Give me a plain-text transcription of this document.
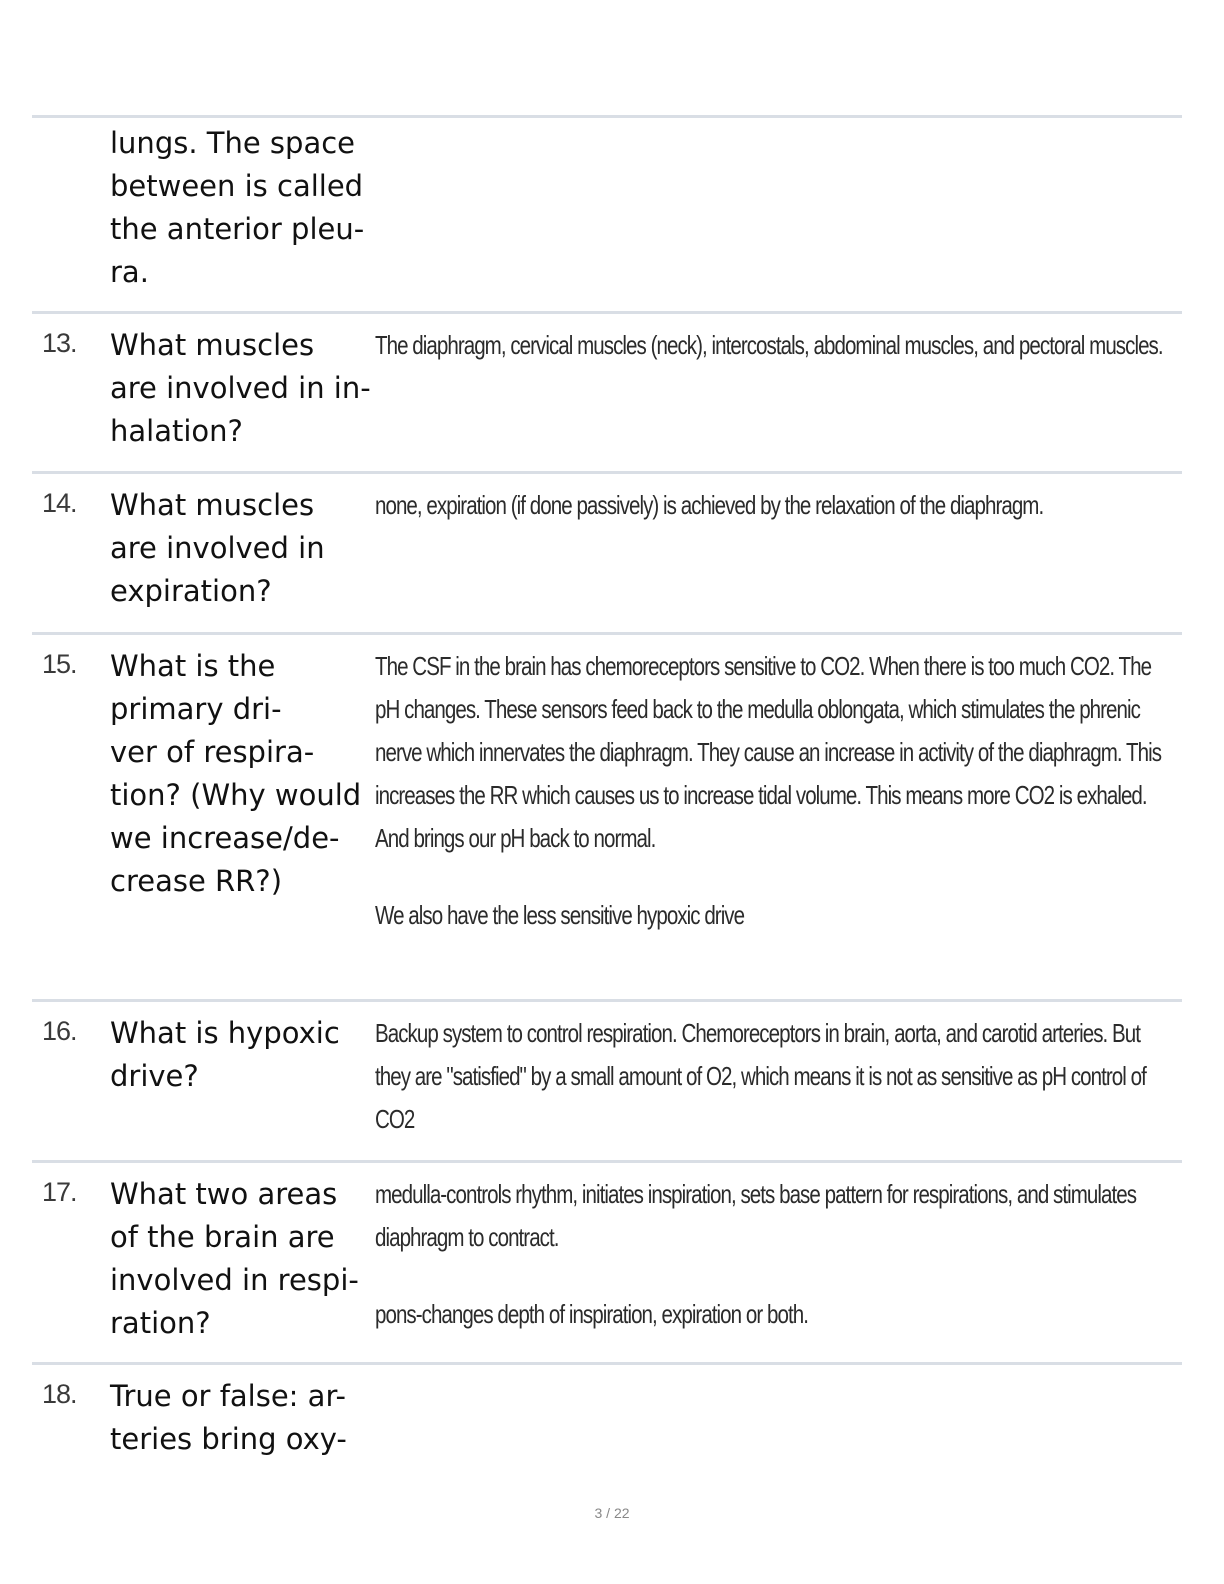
lungs. The space
between is called
the anterior pleu-
ra.
13. What muscles
are involved in in-
halation?

The diaphragm, cervical muscles (neck), intercostals, abdominal muscles, and pectoral muscles.

14. What muscles
are involved in
expiration?

none, expiration (if done passively) is achieved by the relaxation of the diaphragm.

15. What is the
primary dri-
ver of respira-
tion? (Why would
we increase/de-
crease RR?)

The CSF in the brain has chemoreceptors sensitive to CO2. When there is too much CO2. The pH changes. These sensors feed back to the medulla oblongata, which stimulates the phrenic nerve which innervates the diaphragm. They cause an increase in activity of the diaphragm. This increases the RR which causes us to increase tidal volume. This means more CO2 is exhaled. And brings our pH back to normal.

We also have the less sensitive hypoxic drive

16. What is hypoxic
drive?

Backup system to control respiration. Chemoreceptors in brain, aorta, and carotid arteries. But they are "satisfied" by a small amount of O2, which means it is not as sensitive as pH control of CO2

17. What two areas
of the brain are
involved in respi-
ration?

medulla-controls rhythm, initiates inspiration, sets base pattern for respirations, and stimulates diaphragm to contract.

pons-changes depth of inspiration, expiration or both.

18. True or false: ar-
teries bring oxy-
3 / 22
